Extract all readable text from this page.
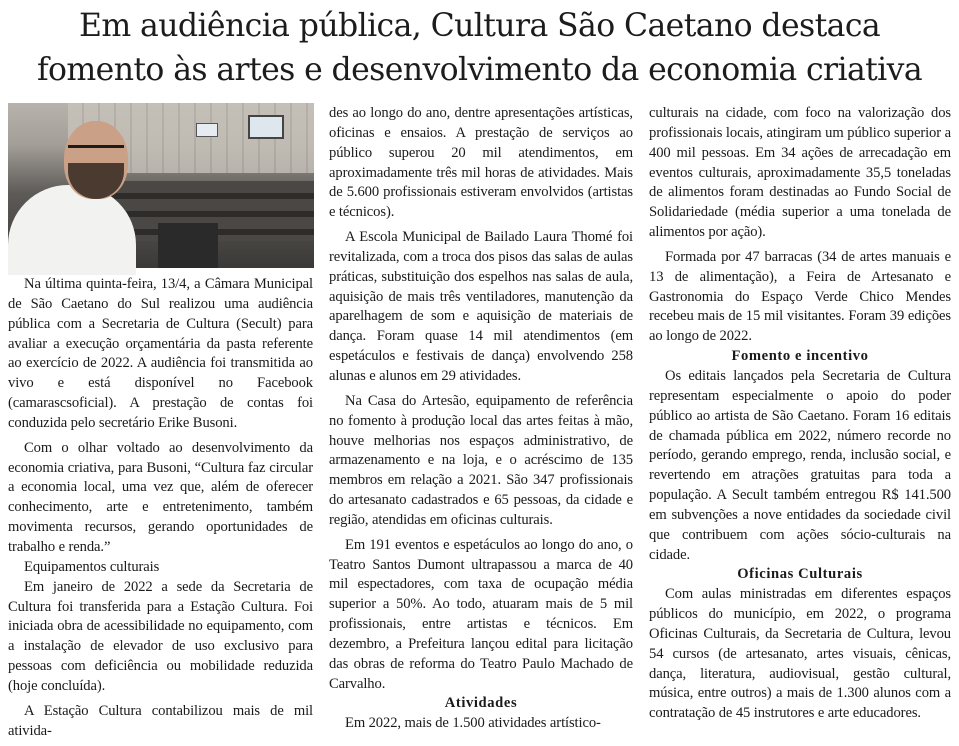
Em audiência pública, Cultura São Caetano destaca
fomento às artes e desenvolvimento da economia criativa

Na última quinta-feira, 13/4, a Câmara Municipal de São Caetano do Sul realizou uma audiência pública com a Secretaria de Cultura (Secult) para avaliar a execução orçamentária da pasta referente ao exercício de 2022. A audiência foi transmitida ao vivo e está disponível no Facebook (camarascsoficial). A prestação de contas foi conduzida pelo secretário Erike Busoni.

Com o olhar voltado ao desenvolvimento da economia criativa, para Busoni, “Cultura faz circular a economia local, uma vez que, além de oferecer conhecimento, arte e entretenimento, também movimenta recursos, gerando oportunidades de trabalho e renda.”

Equipamentos culturais

Em janeiro de 2022 a sede da Secretaria de Cultura foi transferida para a Estação Cultura. Foi iniciada obra de acessibilidade no equipamento, com a instalação de elevador de uso exclusivo para pessoas com deficiência ou mobilidade reduzida (hoje concluída).

A Estação Cultura contabilizou mais de mil ativida-

des ao longo do ano, dentre apresentações artísticas, oficinas e ensaios. A prestação de serviços ao público superou 20 mil atendimentos, em aproximadamente três mil horas de atividades. Mais de 5.600 profissionais estiveram envolvidos (artistas e técnicos).

A Escola Municipal de Bailado Laura Thomé foi revitalizada, com a troca dos pisos das salas de aulas práticas, substituição dos espelhos nas salas de aula, aquisição de mais três ventiladores, manutenção da aparelhagem de som e aquisição de materiais de dança. Foram quase 14 mil atendimentos (em espetáculos e festivais de dança) envolvendo 258 alunas e alunos em 29 atividades.

Na Casa do Artesão, equipamento de referência no fomento à produção local das artes feitas à mão, houve melhorias nos espaços administrativo, de armazenamento e na loja, e o acréscimo de 135 membros em relação a 2021. São 347 profissionais do artesanato cadastrados e 65 pessoas, da cidade e região, atendidas em oficinas culturais.

Em 191 eventos e espetáculos ao longo do ano, o Teatro Santos Dumont ultrapassou a marca de 40 mil espectadores, com taxa de ocupação média superior a 50%. Ao todo, atuaram mais de 5 mil profissionais, entre artistas e técnicos. Em dezembro, a Prefeitura lançou edital para licitação das obras de reforma do Teatro Paulo Machado de Carvalho.

Atividades

Em 2022, mais de 1.500 atividades artístico-

culturais na cidade, com foco na valorização dos profissionais locais, atingiram um público superior a 400 mil pessoas. Em 34 ações de arrecadação em eventos culturais, aproximadamente 35,5 toneladas de alimentos foram destinadas ao Fundo Social de Solidariedade (média superior a uma tonelada de alimentos por ação).

Formada por 47 barracas (34 de artes manuais e 13 de alimentação), a Feira de Artesanato e Gastronomia do Espaço Verde Chico Mendes recebeu mais de 15 mil visitantes. Foram 39 edições ao longo de 2022.

Fomento e incentivo

Os editais lançados pela Secretaria de Cultura representam especialmente o apoio do poder público ao artista de São Caetano. Foram 16 editais de chamada pública em 2022, número recorde no período, gerando emprego, renda, inclusão social, e revertendo em atrações gratuitas para toda a população. A Secult também entregou R$ 141.500 em subvenções a nove entidades da sociedade civil que contribuem com ações sócio-culturais na cidade.

Oficinas Culturais

Com aulas ministradas em diferentes espaços públicos do município, em 2022, o programa Oficinas Culturais, da Secretaria de Cultura, levou 54 cursos (de artesanato, artes visuais, cênicas, dança, literatura, audiovisual, gestão cultural, música, entre outros) a mais de 1.300 alunos com a contratação de 45 instrutores e arte educadores.
